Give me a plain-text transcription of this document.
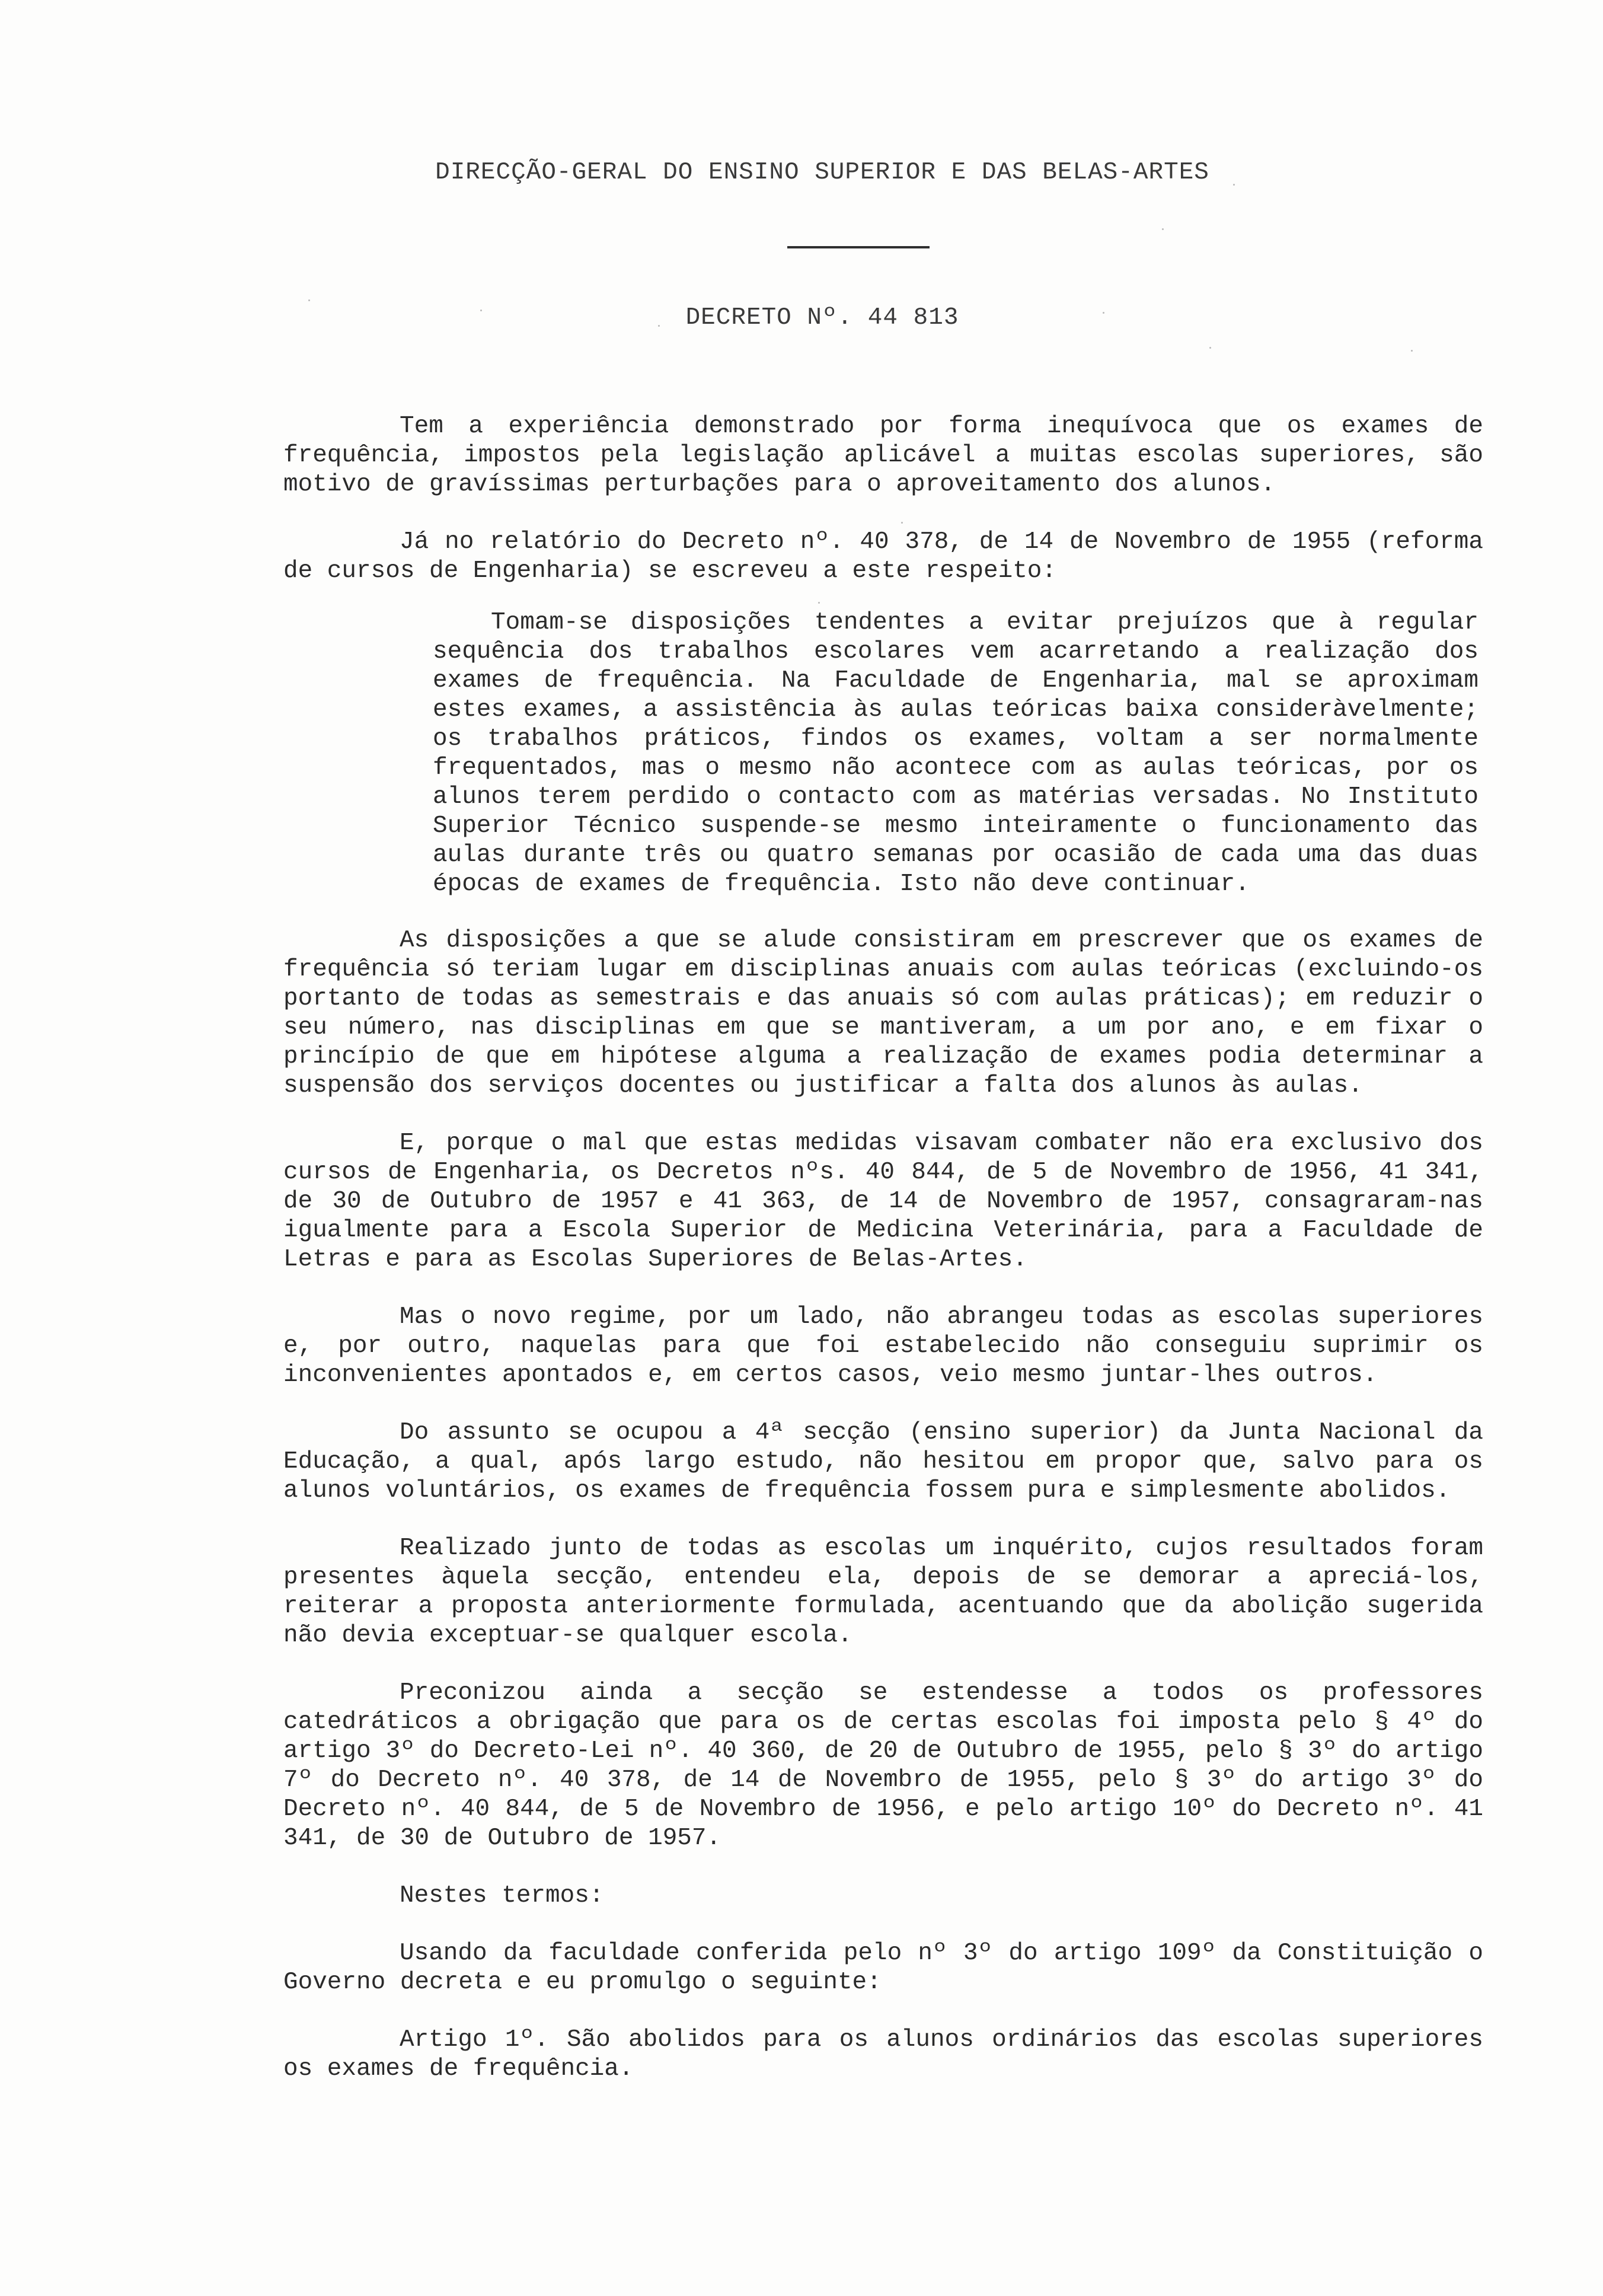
DIRECÇÃO-GERAL DO ENSINO SUPERIOR E DAS BELAS-ARTES
DECRETO Nº. 44 813

Tem a experiência demonstrado por forma inequívoca que os exames de frequência, impostos pela legislação aplicável a muitas escolas superiores, são motivo de gravíssimas perturbações para o aproveitamento dos alunos.

Já no relatório do Decreto nº. 40 378, de 14 de Novembro de 1955 (reforma de cursos de Engenharia) se escreveu a este respeito:

Tomam-se disposições tendentes a evitar prejuízos que à regular sequência dos trabalhos escolares vem acarretando a realização dos exames de frequência. Na Faculdade de Engenharia, mal se aproximam estes exames, a assistência às aulas teóricas baixa consideràvelmente; os trabalhos práticos, findos os exames, voltam a ser normalmente frequentados, mas o mesmo não acontece com as aulas teóricas, por os alunos terem perdido o contacto com as matérias versadas. No Instituto Superior Técnico suspende-se mesmo inteiramente o funcionamento das aulas durante três ou quatro semanas por ocasião de cada uma das duas épocas de exames de frequência. Isto não deve continuar.

As disposições a que se alude consistiram em prescrever que os exames de frequência só teriam lugar em disciplinas anuais com aulas teóricas (excluindo-os portanto de todas as semestrais e das anuais só com aulas práticas); em reduzir o seu número, nas disciplinas em que se mantiveram, a um por ano, e em fixar o princípio de que em hipótese alguma a realização de exames podia determinar a suspensão dos serviços docentes ou justificar a falta dos alunos às aulas.

E, porque o mal que estas medidas visavam combater não era exclusivo dos cursos de Engenharia, os Decretos nºs. 40 844, de 5 de Novembro de 1956, 41 341, de 30 de Outubro de 1957 e 41 363, de 14 de Novembro de 1957, consagraram-nas igualmente para a Escola Superior de Medicina Veterinária, para a Faculdade de Letras e para as Escolas Superiores de Belas-Artes.

Mas o novo regime, por um lado, não abrangeu todas as escolas superiores e, por outro, naquelas para que foi estabelecido não conseguiu suprimir os inconvenientes apontados e, em certos casos, veio mesmo juntar-lhes outros.

Do assunto se ocupou a 4ª secção (ensino superior) da Junta Nacional da Educação, a qual, após largo estudo, não hesitou em propor que, salvo para os alunos voluntários, os exames de frequência fossem pura e simplesmente abolidos.

Realizado junto de todas as escolas um inquérito, cujos resultados foram presentes àquela secção, entendeu ela, depois de se demorar a apreciá-los, reiterar a proposta anteriormente formulada, acentuando que da abolição sugerida não devia exceptuar-se qualquer escola.

Preconizou ainda a secção se estendesse a todos os professores catedráticos a obrigação que para os de certas escolas foi imposta pelo § 4º do artigo 3º do Decreto-Lei nº. 40 360, de 20 de Outubro de 1955, pelo § 3º do artigo 7º do Decreto nº. 40 378, de 14 de Novembro de 1955, pelo § 3º do artigo 3º do Decreto nº. 40 844, de 5 de Novembro de 1956, e pelo artigo 10º do Decreto nº. 41 341, de 30 de Outubro de 1957.

Nestes termos:

Usando da faculdade conferida pelo nº 3º do artigo 109º da Constituição o Governo decreta e eu promulgo o seguinte:

Artigo 1º. São abolidos para os alunos ordinários das escolas superiores os exames de frequência.
